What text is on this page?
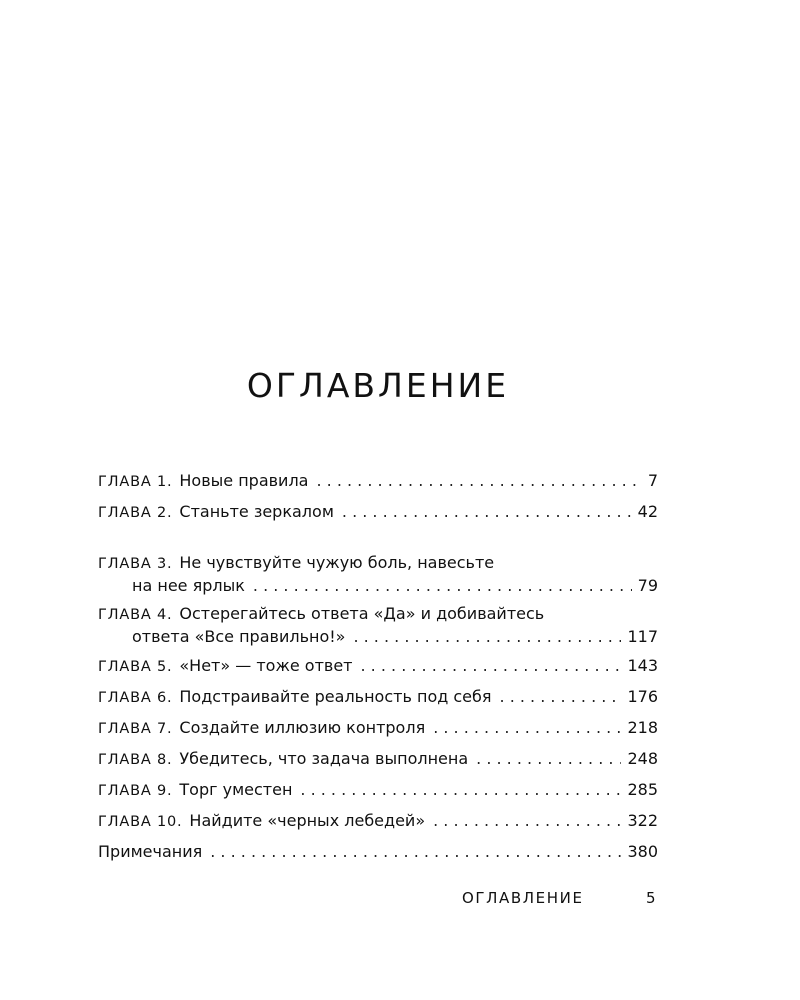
ОГЛАВЛЕНИЕ
ГЛАВА 1. Новые правила . . .	7
ГЛАВА 2. Станьте зеркалом . . .	42
ГЛАВА 3. Не чувствуйте чужую боль, навесьте
на нее ярлык . . .	79
ГЛАВА 4. Остерегайтесь ответа «Да» и добивайтесь
ответа «Все правильно!» . . .	117
ГЛАВА 5. «Нет» — тоже ответ . . .	143
ГЛАВА 6. Подстраивайте реальность под себя . . .	176
ГЛАВА 7. Создайте иллюзию контроля . . .	218
ГЛАВА 8. Убедитесь, что задача выполнена . . .	248
ГЛАВА 9. Торг уместен . . .	285
ГЛАВА 10. Найдите «черных лебедей» . . .	322
Примечания . . .	380
ОГЛАВЛЕНИЕ	5
